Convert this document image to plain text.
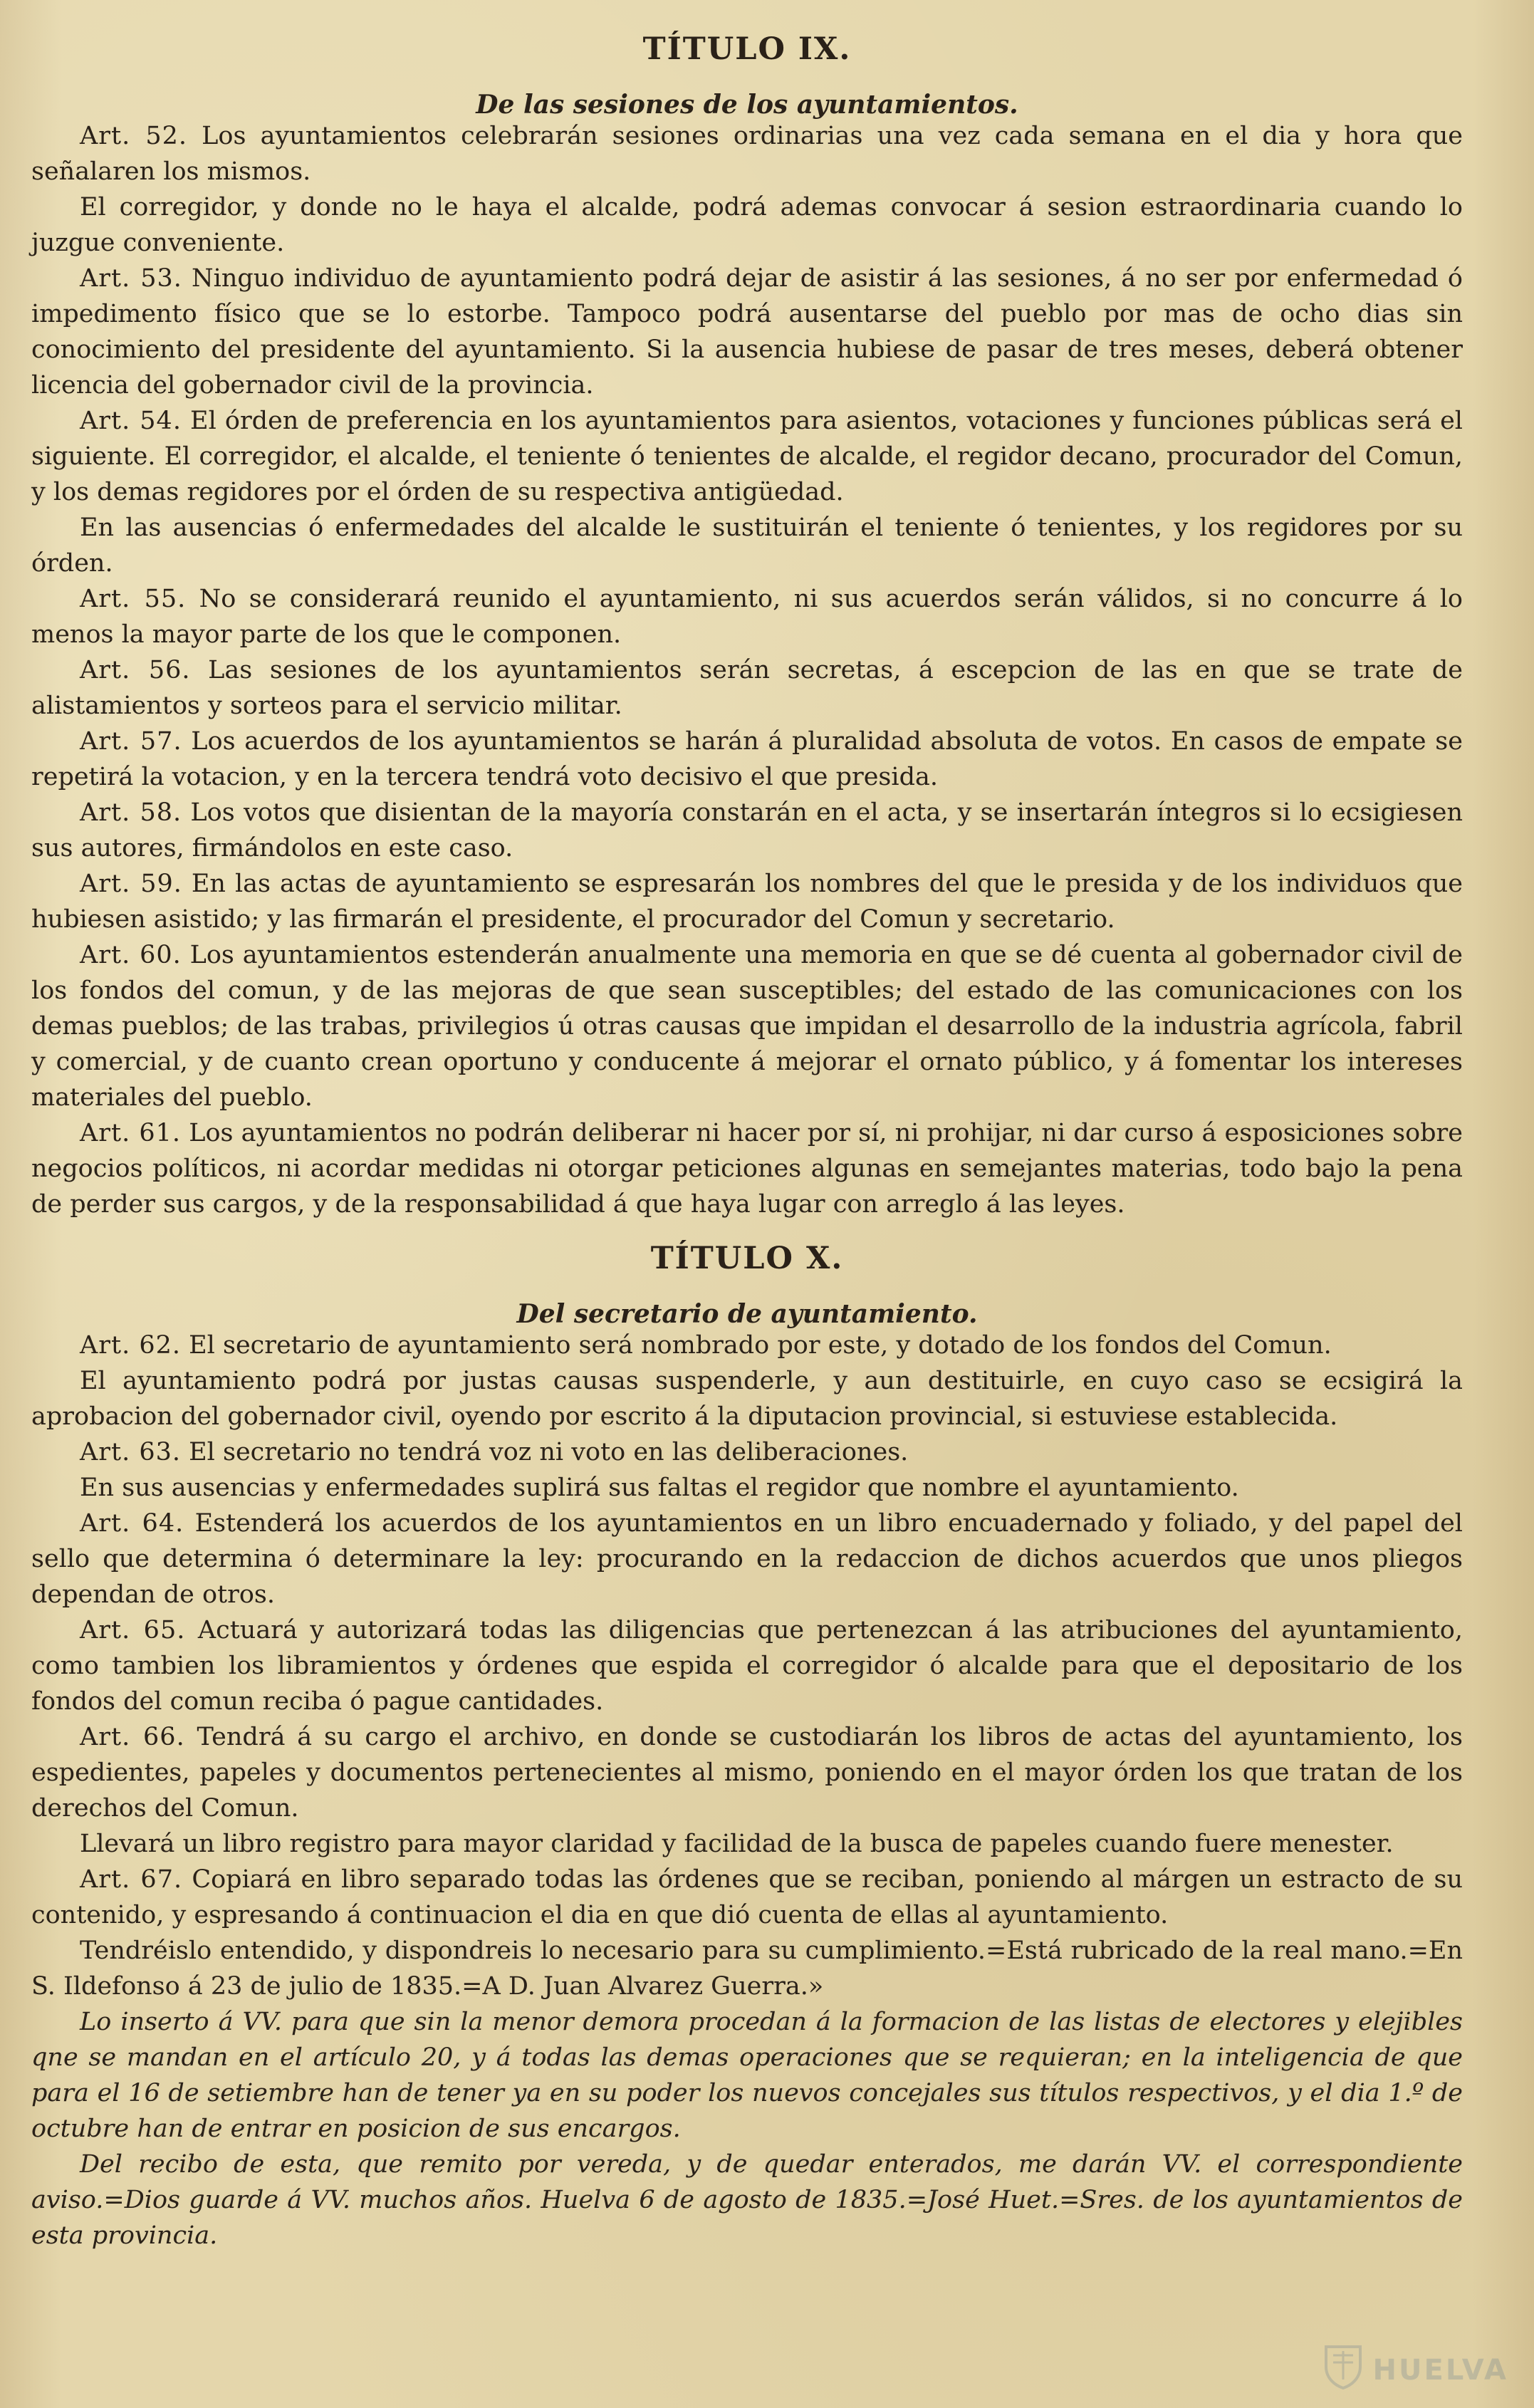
TÍTULO IX.
De las sesiones de los ayuntamientos.

Art. 52. Los ayuntamientos celebrarán sesiones ordinarias una vez cada semana en el dia y hora que señalaren los mismos.

El corregidor, y donde no le haya el alcalde, podrá ademas convocar á sesion estraordinaria cuando lo juzgue conveniente.

Art. 53. Ninguo individuo de ayuntamiento podrá dejar de asistir á las sesiones, á no ser por enfermedad ó impedimento físico que se lo estorbe. Tampoco podrá ausentarse del pueblo por mas de ocho dias sin conocimiento del presidente del ayuntamiento. Si la ausencia hubiese de pasar de tres meses, deberá obtener licencia del gobernador civil de la provincia.

Art. 54. El órden de preferencia en los ayuntamientos para asientos, votaciones y funciones públicas será el siguiente. El corregidor, el alcalde, el teniente ó tenientes de alcalde, el regidor decano, procurador del Comun, y los demas regidores por el órden de su respectiva antigüedad.

En las ausencias ó enfermedades del alcalde le sustituirán el teniente ó tenientes, y los regidores por su órden.

Art. 55. No se considerará reunido el ayuntamiento, ni sus acuerdos serán válidos, si no concurre á lo menos la mayor parte de los que le componen.

Art. 56. Las sesiones de los ayuntamientos serán secretas, á escepcion de las en que se trate de alistamientos y sorteos para el servicio militar.

Art. 57. Los acuerdos de los ayuntamientos se harán á pluralidad absoluta de votos. En casos de empate se repetirá la votacion, y en la tercera tendrá voto decisivo el que presida.

Art. 58. Los votos que disientan de la mayoría constarán en el acta, y se insertarán íntegros si lo ecsigiesen sus autores, firmándolos en este caso.

Art. 59. En las actas de ayuntamiento se espresarán los nombres del que le presida y de los individuos que hubiesen asistido; y las firmarán el presidente, el procurador del Comun y secretario.

Art. 60. Los ayuntamientos estenderán anualmente una memoria en que se dé cuenta al gobernador civil de los fondos del comun, y de las mejoras de que sean susceptibles; del estado de las comunicaciones con los demas pueblos; de las trabas, privilegios ú otras causas que impidan el desarrollo de la industria agrícola, fabril y comercial, y de cuanto crean oportuno y conducente á mejorar el ornato público, y á fomentar los intereses materiales del pueblo.

Art. 61. Los ayuntamientos no podrán deliberar ni hacer por sí, ni prohijar, ni dar curso á esposiciones sobre negocios políticos, ni acordar medidas ni otorgar peticiones algunas en semejantes materias, todo bajo la pena de perder sus cargos, y de la responsabilidad á que haya lugar con arreglo á las leyes.

TÍTULO X.
Del secretario de ayuntamiento.

Art. 62. El secretario de ayuntamiento será nombrado por este, y dotado de los fondos del Comun.

El ayuntamiento podrá por justas causas suspenderle, y aun destituirle, en cuyo caso se ecsigirá la aprobacion del gobernador civil, oyendo por escrito á la diputacion provincial, si estuviese establecida.

Art. 63. El secretario no tendrá voz ni voto en las deliberaciones.

En sus ausencias y enfermedades suplirá sus faltas el regidor que nombre el ayuntamiento.

Art. 64. Estenderá los acuerdos de los ayuntamientos en un libro encuadernado y foliado, y del papel del sello que determina ó determinare la ley: procurando en la redaccion de dichos acuerdos que unos pliegos dependan de otros.

Art. 65. Actuará y autorizará todas las diligencias que pertenezcan á las atribuciones del ayuntamiento, como tambien los libramientos y órdenes que espida el corregidor ó alcalde para que el depositario de los fondos del comun reciba ó pague cantidades.

Art. 66. Tendrá á su cargo el archivo, en donde se custodiarán los libros de actas del ayuntamiento, los espedientes, papeles y documentos pertenecientes al mismo, poniendo en el mayor órden los que tratan de los derechos del Comun.

Llevará un libro registro para mayor claridad y facilidad de la busca de papeles cuando fuere menester.

Art. 67. Copiará en libro separado todas las órdenes que se reciban, poniendo al márgen un estracto de su contenido, y espresando á continuacion el dia en que dió cuenta de ellas al ayuntamiento.

Tendréislo entendido, y dispondreis lo necesario para su cumplimiento.=Está rubricado de la real mano.=En S. Ildefonso á 23 de julio de 1835.=A D. Juan Alvarez Guerra.»

Lo inserto á VV. para que sin la menor demora procedan á la formacion de las listas de electores y elejibles qne se mandan en el artículo 20, y á todas las demas operaciones que se requieran; en la inteligencia de que para el 16 de setiembre han de tener ya en su poder los nuevos concejales sus títulos respectivos, y el dia 1.º de octubre han de entrar en posicion de sus encargos.

Del recibo de esta, que remito por vereda, y de quedar enterados, me darán VV. el correspondiente aviso.=Dios guarde á VV. muchos años. Huelva 6 de agosto de 1835.=José Huet.=Sres. de los ayuntamientos de esta provincia.

HUELVA
